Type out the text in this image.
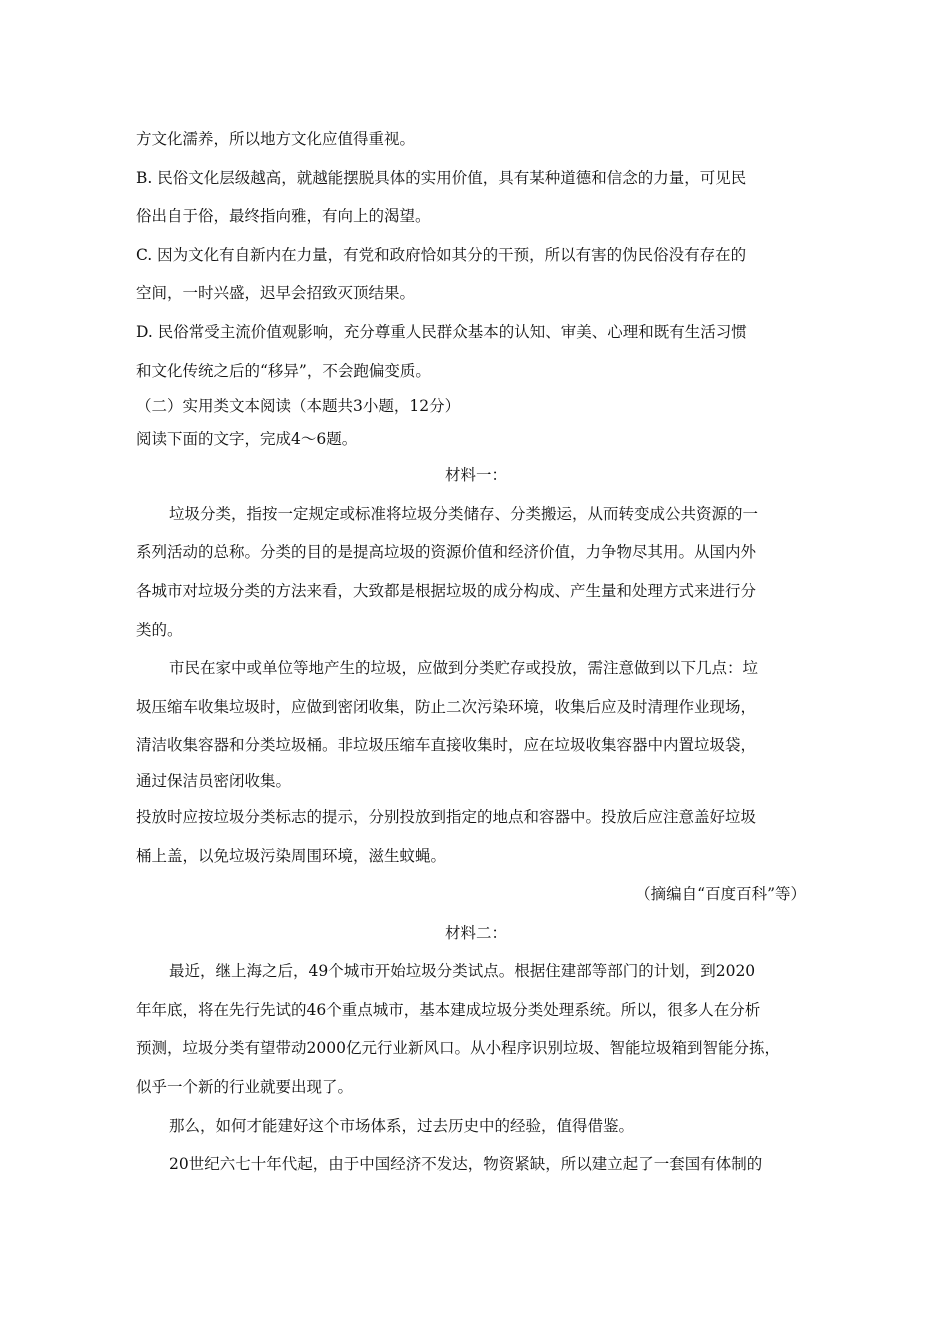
方文化濡养，所以地方文化应值得重视。
B. 民俗文化层级越高，就越能摆脱具体的实用价值，具有某种道德和信念的力量，可见民
俗出自于俗，最终指向雅，有向上的渴望。
C. 因为文化有自新内在力量，有党和政府恰如其分的干预，所以有害的伪民俗没有存在的
空间，一时兴盛，迟早会招致灭顶结果。
D. 民俗常受主流价值观影响，充分尊重人民群众基本的认知、审美、心理和既有生活习惯
和文化传统之后的“移异”，不会跑偏变质。
（二）实用类文本阅读（本题共3小题，12分）
阅读下面的文字，完成4～6题。
材料一：
垃圾分类，指按一定规定或标准将垃圾分类储存、分类搬运，从而转变成公共资源的一
系列活动的总称。分类的目的是提高垃圾的资源价值和经济价值，力争物尽其用。从国内外
各城市对垃圾分类的方法来看，大致都是根据垃圾的成分构成、产生量和处理方式来进行分
类的。
市民在家中或单位等地产生的垃圾，应做到分类贮存或投放，需注意做到以下几点：垃
圾压缩车收集垃圾时，应做到密闭收集，防止二次污染环境，收集后应及时清理作业现场，
清洁收集容器和分类垃圾桶。非垃圾压缩车直接收集时，应在垃圾收集容器中内置垃圾袋，
通过保洁员密闭收集。
投放时应按垃圾分类标志的提示，分别投放到指定的地点和容器中。投放后应注意盖好垃圾
桶上盖，以免垃圾污染周围环境，滋生蚊蝇。
（摘编自“百度百科”等）
材料二：
最近，继上海之后，49个城市开始垃圾分类试点。根据住建部等部门的计划，到2020
年年底，将在先行先试的46个重点城市，基本建成垃圾分类处理系统。所以，很多人在分析
预测，垃圾分类有望带动2000亿元行业新风口。从小程序识别垃圾、智能垃圾箱到智能分拣，
似乎一个新的行业就要出现了。
那么，如何才能建好这个市场体系，过去历史中的经验，值得借鉴。
20世纪六七十年代起，由于中国经济不发达，物资紧缺，所以建立起了一套国有体制的
